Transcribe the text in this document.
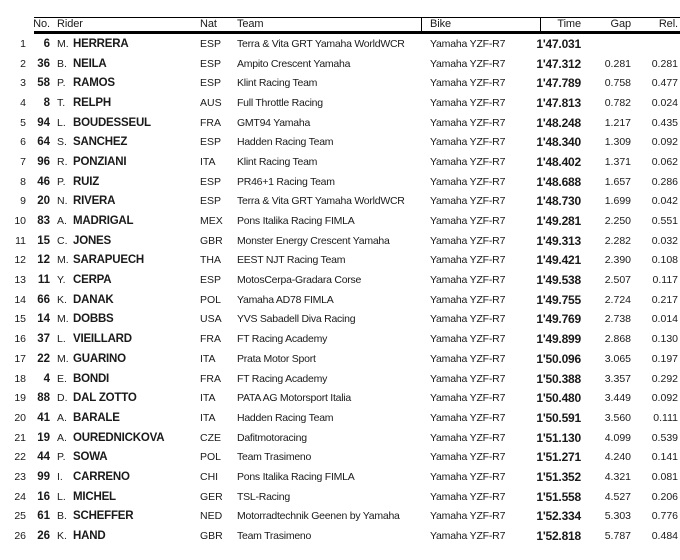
No. Rider	Nat	Team	Bike	Time	Gap	Rel.
1	6 M. HERRERA	ESP	Terra & Vita GRT Yamaha WorldWCR	Yamaha YZF-R7	1'47.031
2 36 B. NEILA	ESP	Ampito Crescent Yamaha	Yamaha YZF-R7	1'47.312	0.281	0.281
3 58 P. RAMOS	ESP	Klint Racing Team	Yamaha YZF-R7	1'47.789	0.758	0.477
4	8 T. RELPH	AUS	Full Throttle Racing	Yamaha YZF-R7	1'47.813	0.782	0.024
5 94 L. BOUDESSEUL	FRA	GMT94 Yamaha	Yamaha YZF-R7	1'48.248	1.217	0.435
6 64 S. SANCHEZ	ESP	Hadden Racing Team	Yamaha YZF-R7	1'48.340	1.309	0.092
7 96 R. PONZIANI	ITA	Klint Racing Team	Yamaha YZF-R7	1'48.402	1.371	0.062
8 46 P. RUIZ	ESP	PR46+1 Racing Team	Yamaha YZF-R7	1'48.688	1.657	0.286
9 20 N. RIVERA	ESP	Terra & Vita GRT Yamaha WorldWCR	Yamaha YZF-R7	1'48.730	1.699	0.042
10 83 A. MADRIGAL	MEX	Pons Italika Racing FIMLA	Yamaha YZF-R7	1'49.281	2.250	0.551
11 15 C. JONES	GBR	Monster Energy Crescent Yamaha	Yamaha YZF-R7	1'49.313	2.282	0.032
12 12 M. SARAPUECH	THA	EEST NJT Racing Team	Yamaha YZF-R7	1'49.421	2.390	0.108
13	11 Y. CERPA	ESP	MotosCerpa-Gradara Corse	Yamaha YZF-R7	1'49.538	2.507	0.117
14 66 K. DANAK	POL	Yamaha AD78 FIMLA	Yamaha YZF-R7	1'49.755	2.724	0.217
15 14 M. DOBBS	USA	YVS Sabadell Diva Racing	Yamaha YZF-R7	1'49.769	2.738	0.014
16 37 L. VIEILLARD	FRA	FT Racing Academy	Yamaha YZF-R7	1'49.899	2.868	0.130
17 22 M. GUARINO	ITA	Prata Motor Sport	Yamaha YZF-R7	1'50.096	3.065	0.197
18	4 E. BONDI	FRA	FT Racing Academy	Yamaha YZF-R7	1'50.388	3.357	0.292
19 88 D. DAL ZOTTO	ITA	PATA AG Motorsport Italia	Yamaha YZF-R7	1'50.480	3.449	0.092
20 41 A. BARALE	ITA	Hadden Racing Team	Yamaha YZF-R7	1'50.591	3.560	0.111
21 19 A. OUREDNICKOVA	CZE	Dafitmotoracing	Yamaha YZF-R7	1'51.130	4.099	0.539
22 44 P. SOWA	POL	Team Trasimeno	Yamaha YZF-R7	1'51.271	4.240	0.141
23 99 I. CARRENO	CHI	Pons Italika Racing FIMLA	Yamaha YZF-R7	1'51.352	4.321	0.081
24 16 L. MICHEL	GER	TSL-Racing	Yamaha YZF-R7	1'51.558	4.527	0.206
25 61 B. SCHEFFER	NED	Motorradtechnik Geenen by Yamaha	Yamaha YZF-R7	1'52.334	5.303	0.776
26 26 K. HAND	GBR	Team Trasimeno	Yamaha YZF-R7	1'52.818	5.787	0.484
